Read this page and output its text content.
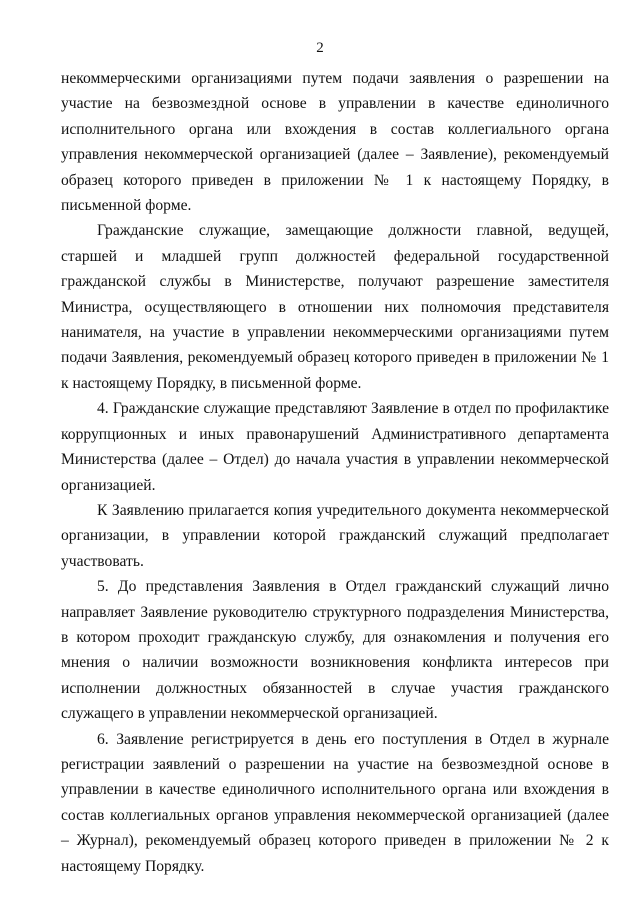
2

некоммерческими организациями путем подачи заявления о разрешении на участие на безвозмездной основе в управлении в качестве единоличного исполнительного органа или вхождения в состав коллегиального органа управления некоммерческой организацией (далее – Заявление), рекомендуемый образец которого приведен в приложении № 1 к настоящему Порядку, в письменной форме.

Гражданские служащие, замещающие должности главной, ведущей, старшей и младшей групп должностей федеральной государственной гражданской службы в Министерстве, получают разрешение заместителя Министра, осуществляющего в отношении них полномочия представителя нанимателя, на участие в управлении некоммерческими организациями путем подачи Заявления, рекомендуемый образец которого приведен в приложении № 1 к настоящему Порядку, в письменной форме.

4. Гражданские служащие представляют Заявление в отдел по профилактике коррупционных и иных правонарушений Административного департамента Министерства (далее – Отдел) до начала участия в управлении некоммерческой организацией.

К Заявлению прилагается копия учредительного документа некоммерческой организации, в управлении которой гражданский служащий предполагает участвовать.

5. До представления Заявления в Отдел гражданский служащий лично направляет Заявление руководителю структурного подразделения Министерства, в котором проходит гражданскую службу, для ознакомления и получения его мнения о наличии возможности возникновения конфликта интересов при исполнении должностных обязанностей в случае участия гражданского служащего в управлении некоммерческой организацией.

6. Заявление регистрируется в день его поступления в Отдел в журнале регистрации заявлений о разрешении на участие на безвозмездной основе в управлении в качестве единоличного исполнительного органа или вхождения в состав коллегиальных органов управления некоммерческой организацией (далее – Журнал), рекомендуемый образец которого приведен в приложении № 2 к настоящему Порядку.
